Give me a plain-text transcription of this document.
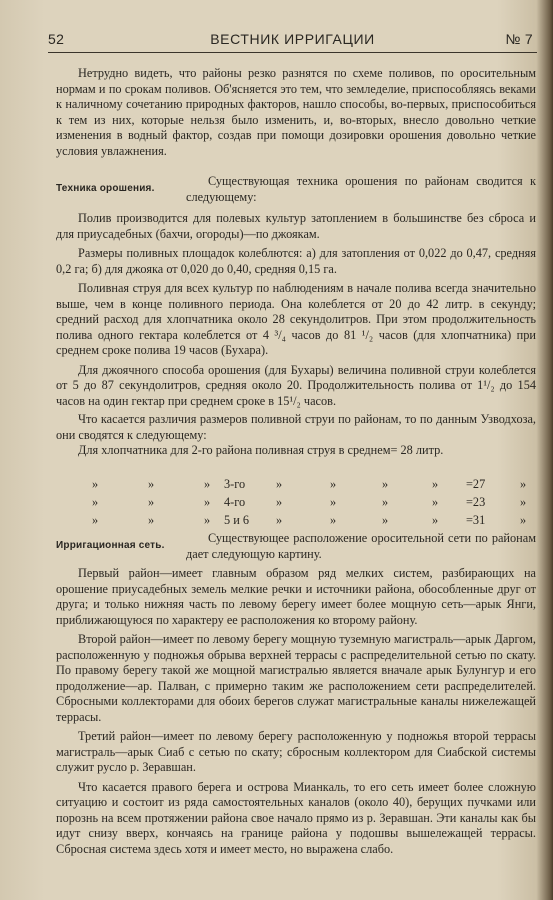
52	ВЕСТНИК ИРРИГАЦИИ	№ 7

Нетрудно видеть, что районы резко разнятся по схеме поливов, по оросительным нормам и по срокам поливов. Об'ясняется это тем, что земледелие, приспособляясь веками к наличному сочетанию природных факторов, нашло способы, во-первых, приспособиться к тем из них, которые нельзя было изменить, и, во-вторых, внесло довольно четкие изменения в водный фактор, создав при помощи дозировки орошения довольно четкие условия увлажнения.

Техника орошения.

Существующая техника орошения по районам сводится к следующему:

Полив производится для полевых культур затоплением в большинстве без сброса и для приусадебных (бахчи, огороды)—по джоякам.

Размеры поливных площадок колеблются: а) для затопления от 0,022 до 0,47, средняя 0,2 га; б) для джояка от 0,020 до 0,40, средняя 0,15 га.

Поливная струя для всех культур по наблюдениям в начале полива всегда значительно выше, чем в конце поливного периода. Она колеблется от 20 до 42 литр. в секунду; средний расход для хлопчатника около 28 секундолитров. При этом продолжительность полива одного гектара колеблется от 4 ³/₄ часов до 81 ¹/₂ часов (для хлопчатника) при среднем сроке полива 19 часов (Бухара).

Для джоячного способа орошения (для Бухары) величина поливной струи колеблется от 5 до 87 секундолитров, средняя около 20. Продолжительность полива от 1¹/₂ до 154 часов на один гектар при среднем сроке в 15¹/₂ часов.

Что касается различия размеров поливной струи по районам, то по данным Узводхоза, они сводятся к следующему:

Для хлопчатника для 2-го района поливная струя в среднем= 28 литр.

»	»	» 3-го	»	»	»	» =27	»
»	»	» 4-го	»	»	»	» =23	»
»	»	» 5 и 6 »	»	»	» =31	»
Ирригационная сеть.

Существующее расположение оросительной сети по районам дает следующую картину.

Первый район—имеет главным образом ряд мелких систем, разбирающих на орошение приусадебных земель мелкие речки и источники района, обособленные друг от друга; и только нижняя часть по левому берегу имеет более мощную сеть—арык Янги, приближающуюся по характеру ее расположения ко второму району.

Второй район—имеет по левому берегу мощную туземную магистраль—арык Даргом, расположенную у подножья обрыва верхней террасы с распределительной сетью по скату. По правому берегу такой же мощной магистралью является вначале арык Булунгур и его продолжение—ар. Палван, с примерно таким же расположением сети распределителей. Сбросными коллекторами для обоих берегов служат магистральные каналы нижележащей террасы.

Третий район—имеет по левому берегу расположенную у подножья второй террасы магистраль—арык Сиаб с сетью по скату; сбросным коллектором для Сиабской системы служит русло р. Зеравшан.

Что касается правого берега и острова Мианкаль, то его сеть имеет более сложную ситуацию и состоит из ряда самостоятельных каналов (около 40), берущих пучками или порознь на всем протяжении района свое начало прямо из р. Зеравшан. Эти каналы как бы идут снизу вверх, кончаясь на границе района у подошвы вышележащей террасы. Сбросная система здесь хотя и имеет место, но выражена слабо.
